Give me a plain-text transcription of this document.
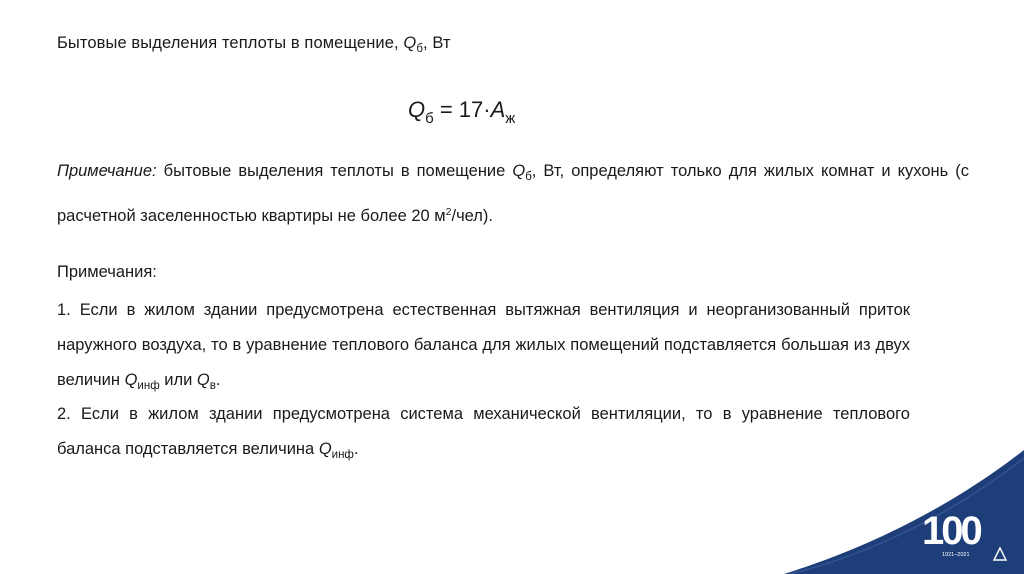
Бытовые выделения теплоты в помещение, $Q_б$, Вт
$Q_б = 17\cdot A_ж$
Примечание: бытовые выделения теплоты в помещение $Q_б$, Вт, определяют только для жилых комнат и кухонь (с расчетной заселенностью квартиры не более 20 $м^2/чел$).
Примечания:
1. Если в жилом здании предусмотрена естественная вытяжная вентиляция и неорганизованный приток наружного воздуха, то в уравнение теплового баланса для жилых помещений подставляется большая из двух величин $Q_{инф}$ или $Q_в$.
2. Если в жилом здании предусмотрена система механической вентиляции, то в уравнение теплового баланса подставляется величина $Q_{инф}$.
100
1921–2021
